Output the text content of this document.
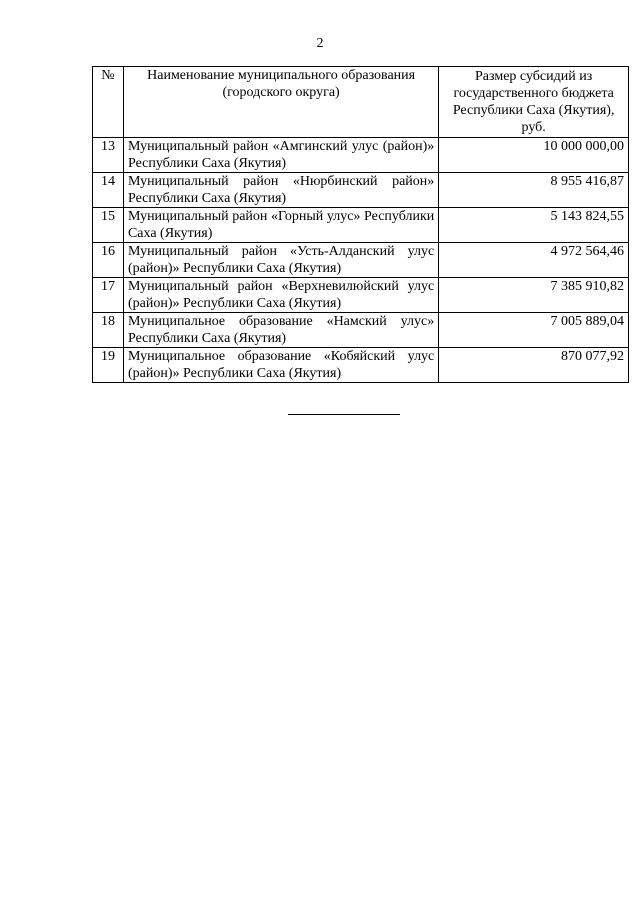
2
№	Наименование муниципального образования (городского округа)	Размер субсидий из государственного бюджета Республики Саха (Якутия), руб.
13	Муниципальный район «Амгинский улус (район)» Республики Саха (Якутия)	10 000 000,00
14	Муниципальный район «Нюрбинский район» Республики Саха (Якутия)	8 955 416,87
15	Муниципальный район «Горный улус» Республики Саха (Якутия)	5 143 824,55
16	Муниципальный район «Усть-Алданский улус (район)» Республики Саха (Якутия)	4 972 564,46
17	Муниципальный район «Верхневилюйский улус (район)» Республики Саха (Якутия)	7 385 910,82
18	Муниципальное образование «Намский улус» Республики Саха (Якутия)	7 005 889,04
19	Муниципальное образование «Кобяйский улус (район)» Республики Саха (Якутия)	870 077,92
